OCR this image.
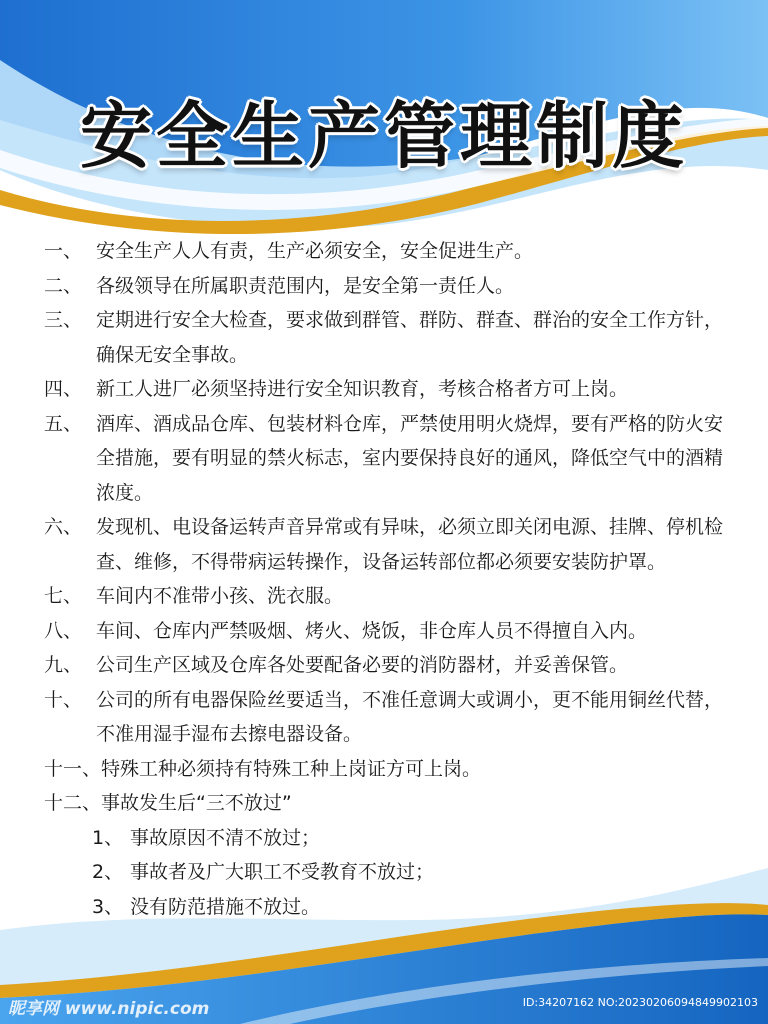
安全生产管理制度
一、 安全生产人人有责，生产必须安全，安全促进生产。
二、 各级领导在所属职责范围内，是安全第一责任人。
三、 定期进行安全大检查，要求做到群管、群防、群查、群治的安全工作方针，确保无安全事故。
四、 新工人进厂必须坚持进行安全知识教育，考核合格者方可上岗。
五、 酒库、酒成品仓库、包装材料仓库，严禁使用明火烧焊，要有严格的防火安全措施，要有明显的禁火标志，室内要保持良好的通风，降低空气中的酒精浓度。
六、 发现机、电设备运转声音异常或有异味，必须立即关闭电源、挂牌、停机检查、维修，不得带病运转操作，设备运转部位都必须要安装防护罩。
七、 车间内不准带小孩、洗衣服。
八、 车间、仓库内严禁吸烟、烤火、烧饭，非仓库人员不得擅自入内。
九、 公司生产区域及仓库各处要配备必要的消防器材，并妥善保管。
十、 公司的所有电器保险丝要适当，不准任意调大或调小，更不能用铜丝代替，不准用湿手湿布去擦电器设备。
十一、 特殊工种必须持有特殊工种上岗证方可上岗。
十二、 事故发生后“三不放过”
1、 事故原因不清不放过；
2、 事故者及广大职工不受教育不放过；
3、 没有防范措施不放过。
昵享网 www.nipic.com	ID:34207162 NO:20230206094849902103
